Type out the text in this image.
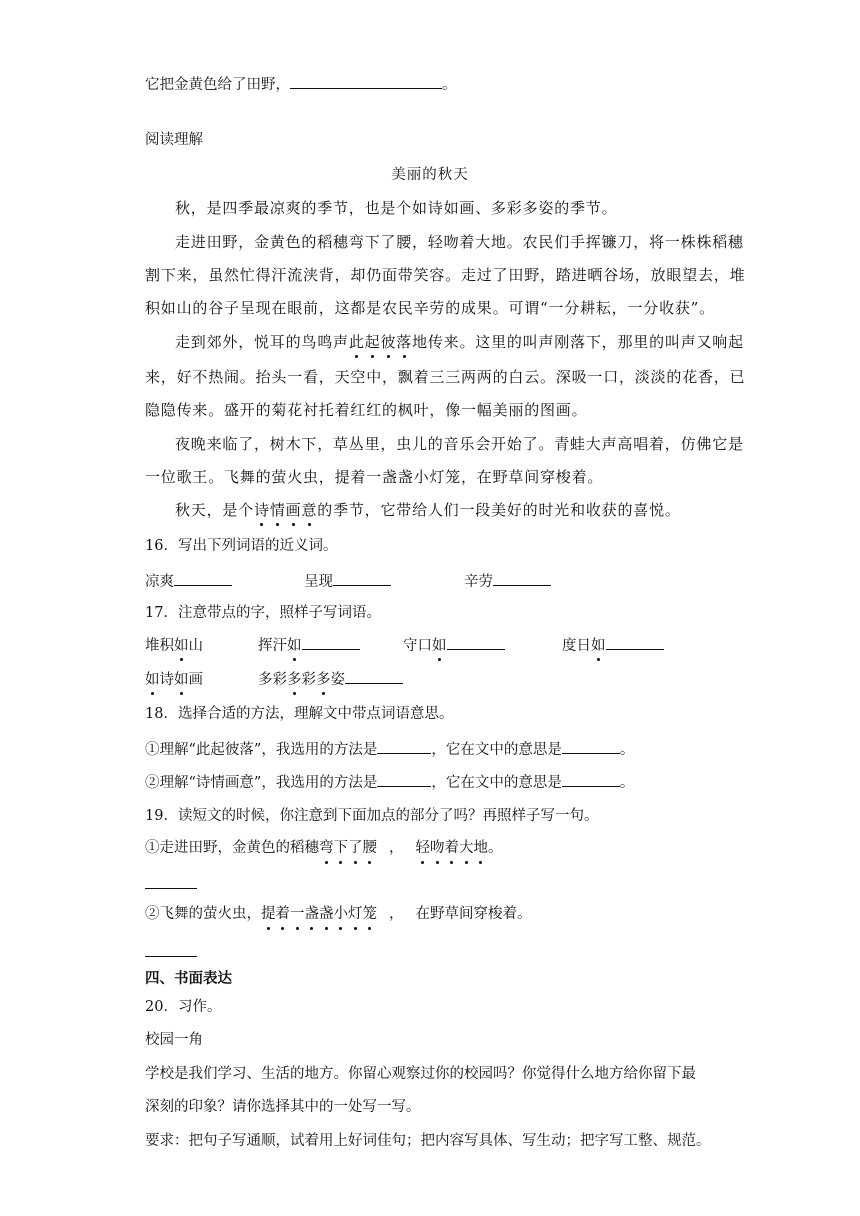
它把金黄色给了田野，	。
阅读理解
美丽的秋天
秋，是四季最凉爽的季节，也是个如诗如画、多彩多姿的季节。
走进田野，金黄色的稻穗弯下了腰，轻吻着大地。农民们手挥镰刀，将一株株稻穗
割下来，虽然忙得汗流浃背，却仍面带笑容。走过了田野，踏进晒谷场，放眼望去，堆
积如山的谷子呈现在眼前，这都是农民辛劳的成果。可谓“一分耕耘，一分收获”。
走到郊外，悦耳的鸟鸣声此起彼落地传来。这里的叫声刚落下，那里的叫声又响起
来，好不热闹。抬头一看，天空中，飘着三三两两的白云。深吸一口，淡淡的花香，已
隐隐传来。盛开的菊花衬托着红红的枫叶，像一幅美丽的图画。
夜晚来临了，树木下，草丛里，虫儿的音乐会开始了。青蛙大声高唱着，仿佛它是
一位歌王。飞舞的萤火虫，提着一盏盏小灯笼，在野草间穿梭着。
秋天，是个诗情画意的季节，它带给人们一段美好的时光和收获的喜悦。
16．写出下列词语的近义词。
凉爽	呈现	辛劳
17．注意带点的字，照样子写词语。
堆积如山	挥汗如	守口如	度日如
如诗如画	多彩多彩多姿
18．选择合适的方法，理解文中带点词语意思。
①理解“此起彼落”，我选用的方法是	，它在文中的意思是	。
②理解“诗情画意”，我选用的方法是	，它在文中的意思是	。
19．读短文的时候，你注意到下面加点的部分了吗？再照样子写一句。
①走进田野，金黄色的稻穗弯下了腰 ， 轻吻着大地。
②飞舞的萤火虫，提着一盏盏小灯笼 ， 在野草间穿梭着。
四、书面表达
20．习作。
校园一角
学校是我们学习、生活的地方。你留心观察过你的校园吗？你觉得什么地方给你留下最
深刻的印象？请你选择其中的一处写一写。
要求：把句子写通顺，试着用上好词佳句；把内容写具体、写生动；把字写工整、规范。
